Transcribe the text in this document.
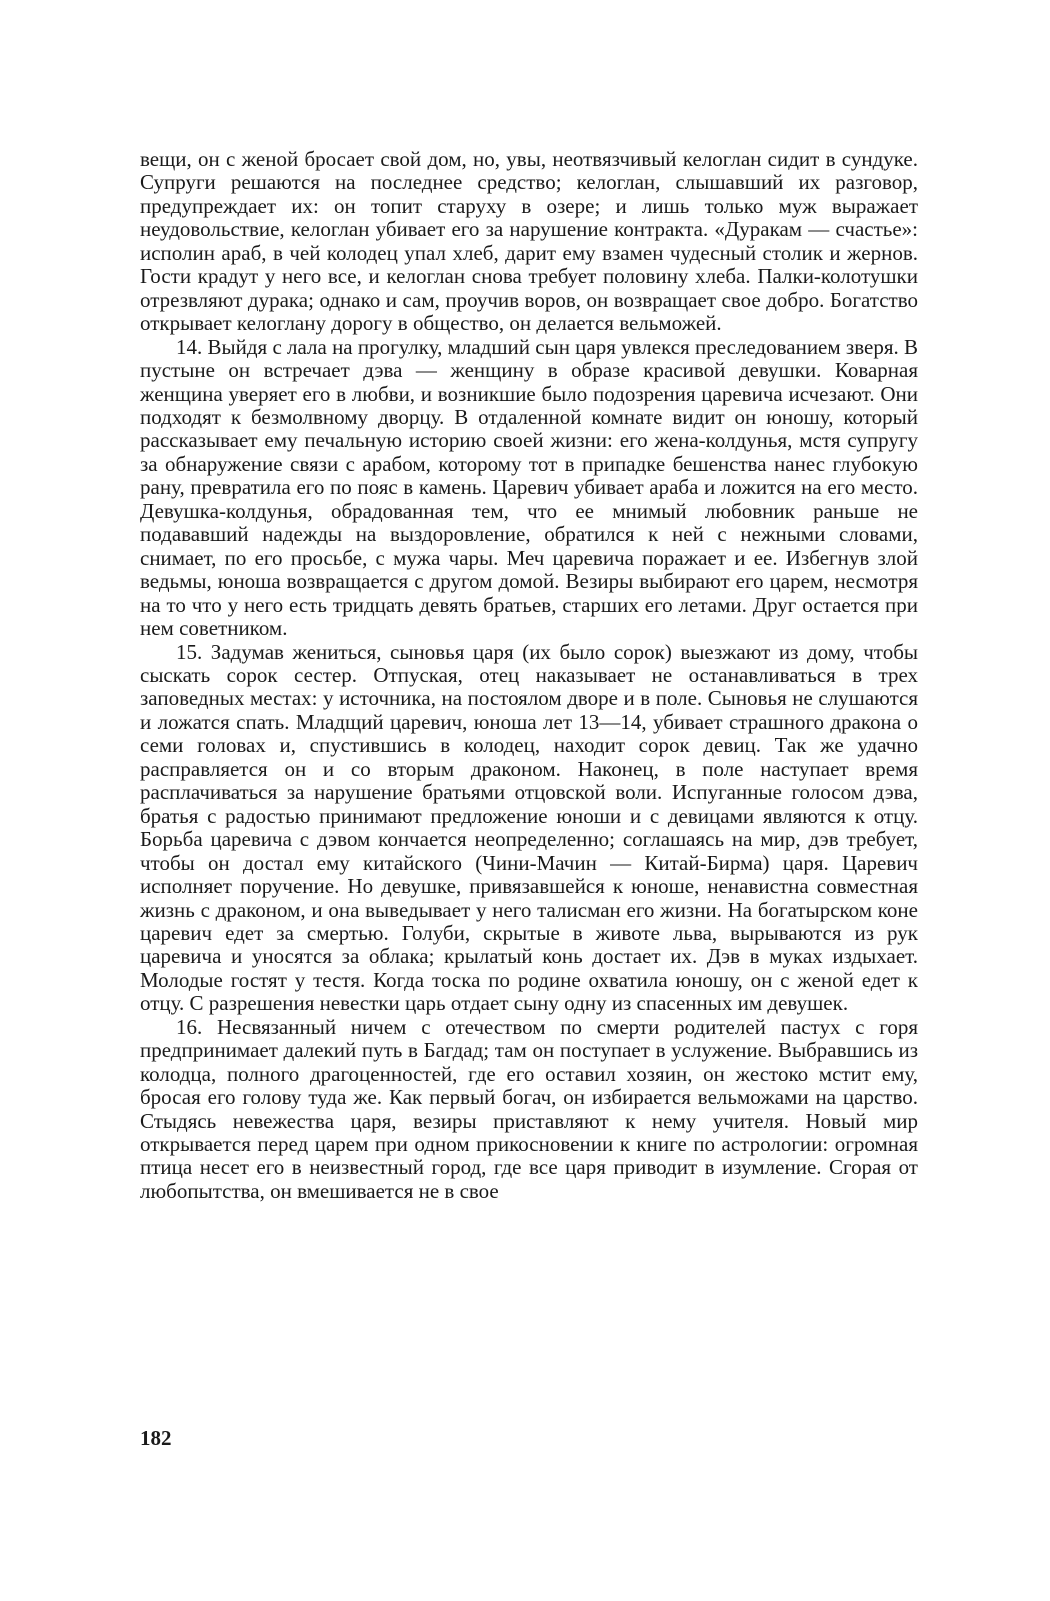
вещи, он с женой бросает свой дом, но, увы, неотвязчивый келоглан сидит в сундуке. Супруги решаются на последнее средство; келоглан, слышавший их разговор, предупреждает их: он топит старуху в озере; и лишь только муж выражает неудовольствие, келоглан убивает его за нарушение контракта. «Дуракам — счастье»: исполин араб, в чей колодец упал хлеб, дарит ему взамен чудесный столик и жернов. Гости крадут у него все, и келоглан снова требует половину хлеба. Палки-колотушки отрезвляют дурака; однако и сам, проучив воров, он возвращает свое добро. Богатство открывает келоглану дорогу в общество, он делается вельможей.

14. Выйдя с лала на прогулку, младший сын царя увлекся преследованием зверя. В пустыне он встречает дэва — женщину в образе красивой девушки. Коварная женщина уверяет его в любви, и возникшие было подозрения царевича исчезают. Они подходят к безмолвному дворцу. В отдаленной комнате видит он юношу, который рассказывает ему печальную историю своей жизни: его жена-колдунья, мстя супругу за обнаружение связи с арабом, которому тот в припадке бешенства нанес глубокую рану, превратила его по пояс в камень. Царевич убивает араба и ложится на его место. Девушка-колдунья, обрадованная тем, что ее мнимый любовник раньше не подававший надежды на выздоровление, обратился к ней с нежными словами, снимает, по его просьбе, с мужа чары. Меч царевича поражает и ее. Избегнув злой ведьмы, юноша возвращается с другом домой. Везиры выбирают его царем, несмотря на то что у него есть тридцать девять братьев, старших его летами. Друг остается при нем советником.

15. Задумав жениться, сыновья царя (их было сорок) выезжают из дому, чтобы сыскать сорок сестер. Отпуская, отец наказывает не останавливаться в трех заповедных местах: у источника, на постоялом дворе и в поле. Сыновья не слушаются и ложатся спать. Младщий царевич, юноша лет 13—14, убивает страшного дракона о семи головах и, спустившись в колодец, находит сорок девиц. Так же удачно расправляется он и со вторым драконом. Наконец, в поле наступает время расплачиваться за нарушение братьями отцовской воли. Испуганные голосом дэва, братья с радостью принимают предложение юноши и с девицами являются к отцу. Борьба царевича с дэвом кончается неопределенно; соглашаясь на мир, дэв требует, чтобы он достал ему китайского (Чини-Мачин — Китай-Бирма) царя. Царевич исполняет поручение. Но девушке, привязавшейся к юноше, ненавистна совместная жизнь с драконом, и она выведывает у него талисман его жизни. На богатырском коне царевич едет за смертью. Голуби, скрытые в животе льва, вырываются из рук царевича и уносятся за облака; крылатый конь достает их. Дэв в муках издыхает. Молодые гостят у тестя. Когда тоска по родине охватила юношу, он с женой едет к отцу. С разрешения невестки царь отдает сыну одну из спасенных им девушек.

16. Несвязанный ничем с отечеством по смерти родителей пастух с горя предпринимает далекий путь в Багдад; там он поступает в услужение. Выбравшись из колодца, полного драгоценностей, где его оставил хозяин, он жестоко мстит ему, бросая его голову туда же. Как первый богач, он избирается вельможами на царство. Стыдясь невежества царя, везиры приставляют к нему учителя. Новый мир открывается перед царем при одном прикосновении к книге по астрологии: огромная птица несет его в неизвестный город, где все царя приводит в изумление. Сгорая от любопытства, он вмешивается не в свое

182
